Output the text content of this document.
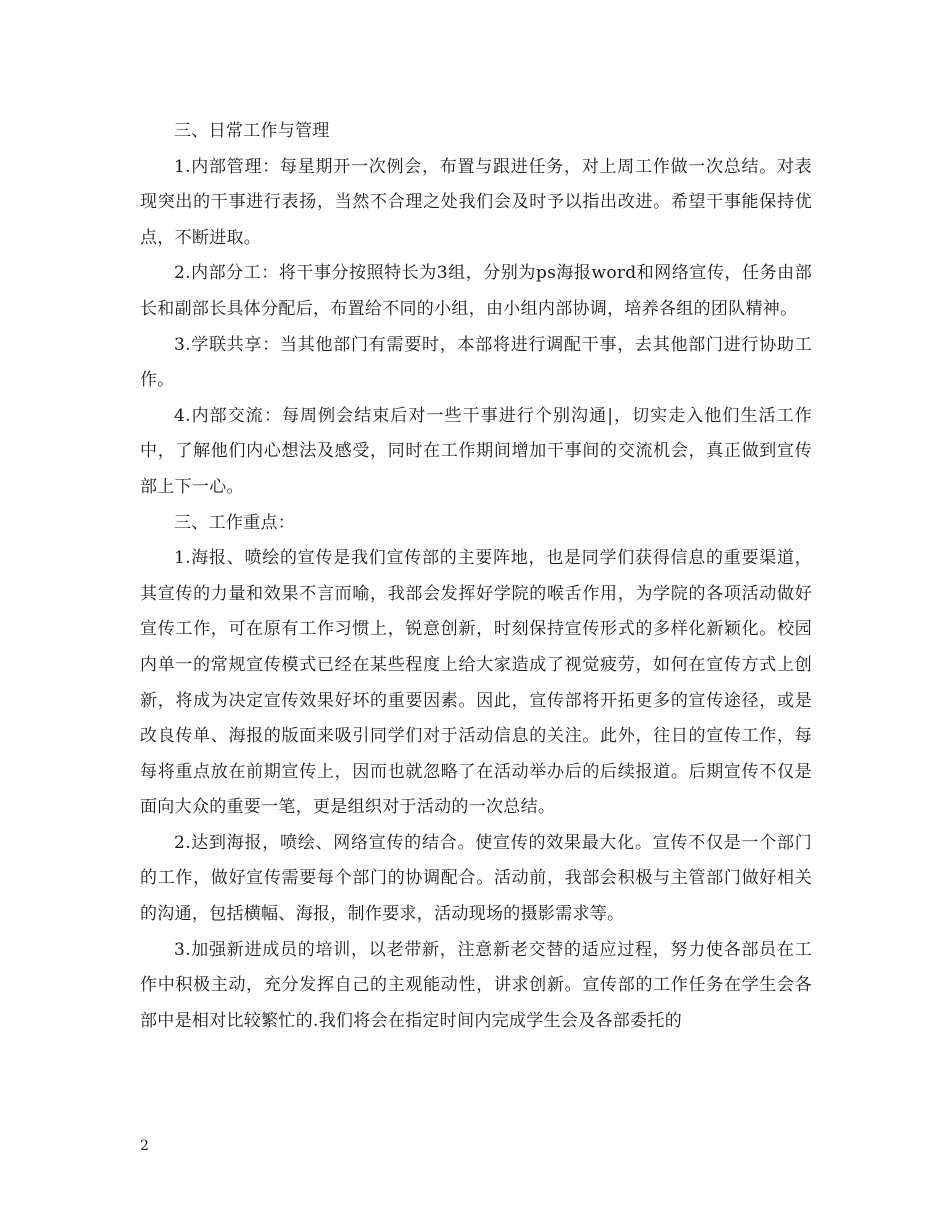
三、日常工作与管理

1.内部管理：每星期开一次例会，布置与跟进任务，对上周工作做一次总结。对表现突出的干事进行表扬，当然不合理之处我们会及时予以指出改进。希望干事能保持优点，不断进取。

2.内部分工：将干事分按照特长为3组，分别为ps海报word和网络宣传，任务由部长和副部长具体分配后，布置给不同的小组，由小组内部协调，培养各组的团队精神。

3.学联共享：当其他部门有需要时，本部将进行调配干事，去其他部门进行协助工作。

4.内部交流：每周例会结束后对一些干事进行个别沟通|，切实走入他们生活工作中，了解他们内心想法及感受，同时在工作期间增加干事间的交流机会，真正做到宣传部上下一心。

三、工作重点：

1.海报、喷绘的宣传是我们宣传部的主要阵地，也是同学们获得信息的重要渠道，其宣传的力量和效果不言而喻，我部会发挥好学院的喉舌作用，为学院的各项活动做好宣传工作，可在原有工作习惯上，锐意创新，时刻保持宣传形式的多样化新颖化。校园内单一的常规宣传模式已经在某些程度上给大家造成了视觉疲劳，如何在宣传方式上创新，将成为决定宣传效果好坏的重要因素。因此，宣传部将开拓更多的宣传途径，或是改良传单、海报的版面来吸引同学们对于活动信息的关注。此外，往日的宣传工作，每每将重点放在前期宣传上，因而也就忽略了在活动举办后的后续报道。后期宣传不仅是面向大众的重要一笔，更是组织对于活动的一次总结。

2.达到海报，喷绘、网络宣传的结合。使宣传的效果最大化。宣传不仅是一个部门的工作，做好宣传需要每个部门的协调配合。活动前，我部会积极与主管部门做好相关的沟通，包括横幅、海报，制作要求，活动现场的摄影需求等。

3.加强新进成员的培训，以老带新，注意新老交替的适应过程，努力使各部员在工作中积极主动，充分发挥自己的主观能动性，讲求创新。宣传部的工作任务在学生会各部中是相对比较繁忙的.我们将会在指定时间内完成学生会及各部委托的

2
